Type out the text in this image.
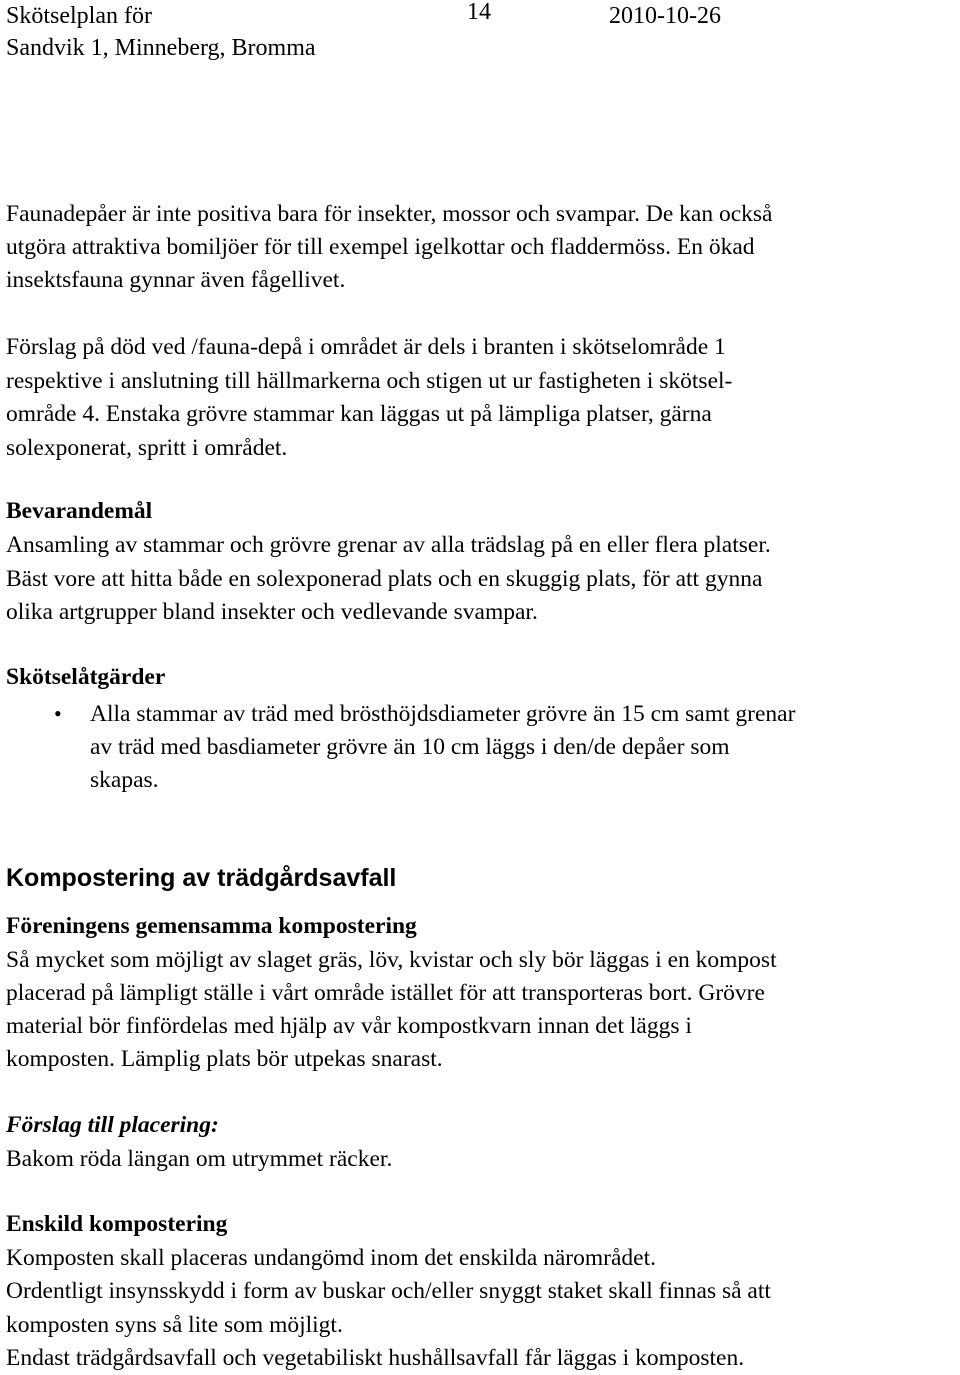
Skötselplan för
Sandvik 1, Minneberg, Bromma
14	2010-10-26
Faunadepåer är inte positiva bara för insekter, mossor och svampar. De kan också
utgöra attraktiva bomiljöer för till exempel igelkottar och fladdermöss. En ökad
insektsfauna gynnar även fågellivet.
Förslag på död ved /fauna-depå i området är dels i branten i skötselområde 1
respektive i anslutning till hällmarkerna och stigen ut ur fastigheten i skötsel-
område 4. Enstaka grövre stammar kan läggas ut på lämpliga platser, gärna
solexponerat, spritt i området.
Bevarandemål
Ansamling av stammar och grövre grenar av alla trädslag på en eller flera platser.
Bäst vore att hitta både en solexponerad plats och en skuggig plats, för att gynna
olika artgrupper bland insekter och vedlevande svampar.
Skötselåtgärder
• Alla stammar av träd med brösthöjdsdiameter grövre än 15 cm samt grenar
av träd med basdiameter grövre än 10 cm läggs i den/de depåer som
skapas.
Kompostering av trädgårdsavfall
Föreningens gemensamma kompostering
Så mycket som möjligt av slaget gräs, löv, kvistar och sly bör läggas i en kompost
placerad på lämpligt ställe i vårt område istället för att transporteras bort. Grövre
material bör finfördelas med hjälp av vår kompostkvarn innan det läggs i
komposten. Lämplig plats bör utpekas snarast.
Förslag till placering:
Bakom röda längan om utrymmet räcker.
Enskild kompostering
Komposten skall placeras undangömd inom det enskilda närområdet.
Ordentligt insynsskydd i form av buskar och/eller snyggt staket skall finnas så att
komposten syns så lite som möjligt.
Endast trädgårdsavfall och vegetabiliskt hushållsavfall får läggas i komposten.
